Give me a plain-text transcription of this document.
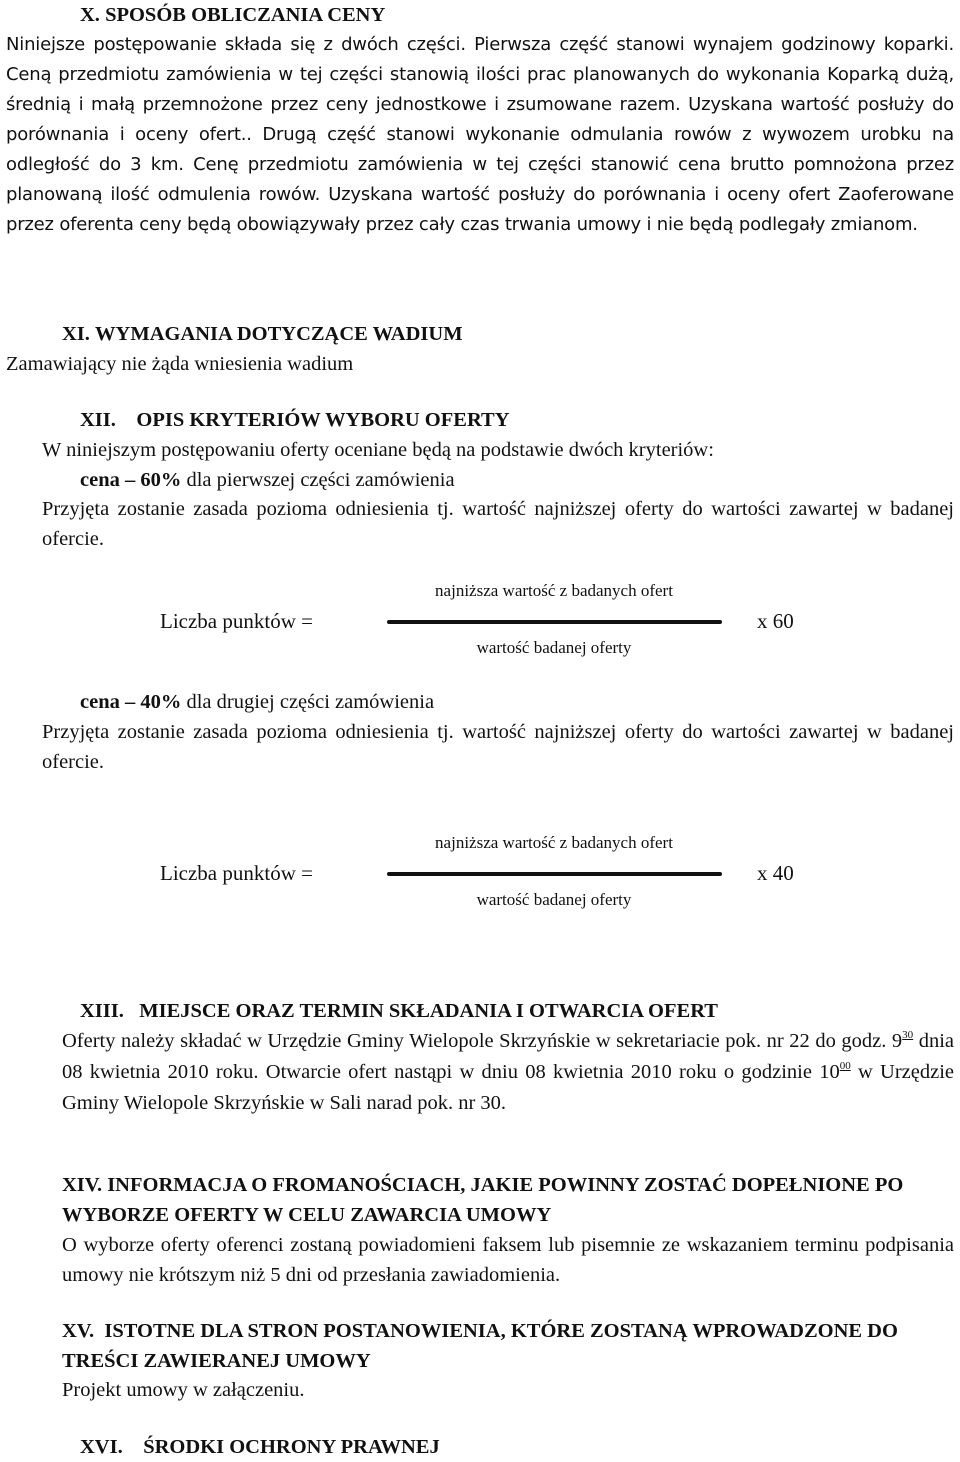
X. SPOSÓB OBLICZANIA CENY
Niniejsze postępowanie składa się z dwóch części. Pierwsza część stanowi wynajem godzinowy koparki. Ceną przedmiotu zamówienia w tej części stanowią ilości prac planowanych do wykonania Koparką dużą, średnią i małą przemnożone przez ceny jednostkowe i zsumowane razem. Uzyskana wartość posłuży do porównania i oceny ofert.. Drugą część stanowi wykonanie odmulania rowów z wywozem urobku na odległość do 3 km. Cenę przedmiotu zamówienia w tej części stanowić cena brutto pomnożona przez planowaną ilość odmulenia rowów. Uzyskana wartość posłuży do porównania i oceny ofert Zaoferowane przez oferenta ceny będą obowiązywały przez cały czas trwania umowy i nie będą podlegały zmianom.
XI. WYMAGANIA DOTYCZĄCE WADIUM
Zamawiający nie żąda wniesienia wadium
XII. OPIS KRYTERIÓW WYBORU OFERTY
W niniejszym postępowaniu oferty oceniane będą na podstawie dwóch kryteriów:
cena – 60% dla pierwszej części zamówienia
Przyjęta zostanie zasada pozioma odniesienia tj. wartość najniższej oferty do wartości zawartej w badanej ofercie.
Liczba punktów =
najniższa wartość z badanych ofert
wartość badanej oferty
x 60
cena – 40% dla drugiej części zamówienia
Przyjęta zostanie zasada pozioma odniesienia tj. wartość najniższej oferty do wartości zawartej w badanej ofercie.
Liczba punktów =
najniższa wartość z badanych ofert
wartość badanej oferty
x 40
XIII. MIEJSCE ORAZ TERMIN SKŁADANIA I OTWARCIA OFERT
Oferty należy składać w Urzędzie Gminy Wielopole Skrzyńskie w sekretariacie pok. nr 22 do godz. $9^{30}$ dnia 08 kwietnia 2010 roku. Otwarcie ofert nastąpi w dniu 08 kwietnia 2010 roku o godzinie $10^{00}$ w Urzędzie Gminy Wielopole Skrzyńskie w Sali narad pok. nr 30.
XIV. INFORMACJA O FROMANOŚCIACH, JAKIE POWINNY ZOSTAĆ DOPEŁNIONE PO WYBORZE OFERTY W CELU ZAWARCIA UMOWY
O wyborze oferty oferenci zostaną powiadomieni faksem lub pisemnie ze wskazaniem terminu podpisania umowy nie krótszym niż 5 dni od przesłania zawiadomienia.
XV. ISTOTNE DLA STRON POSTANOWIENIA, KTÓRE ZOSTANĄ WPROWADZONE DO TREŚCI ZAWIERANEJ UMOWY
Projekt umowy w załączeniu.
XVI. ŚRODKI OCHRONY PRAWNEJ
